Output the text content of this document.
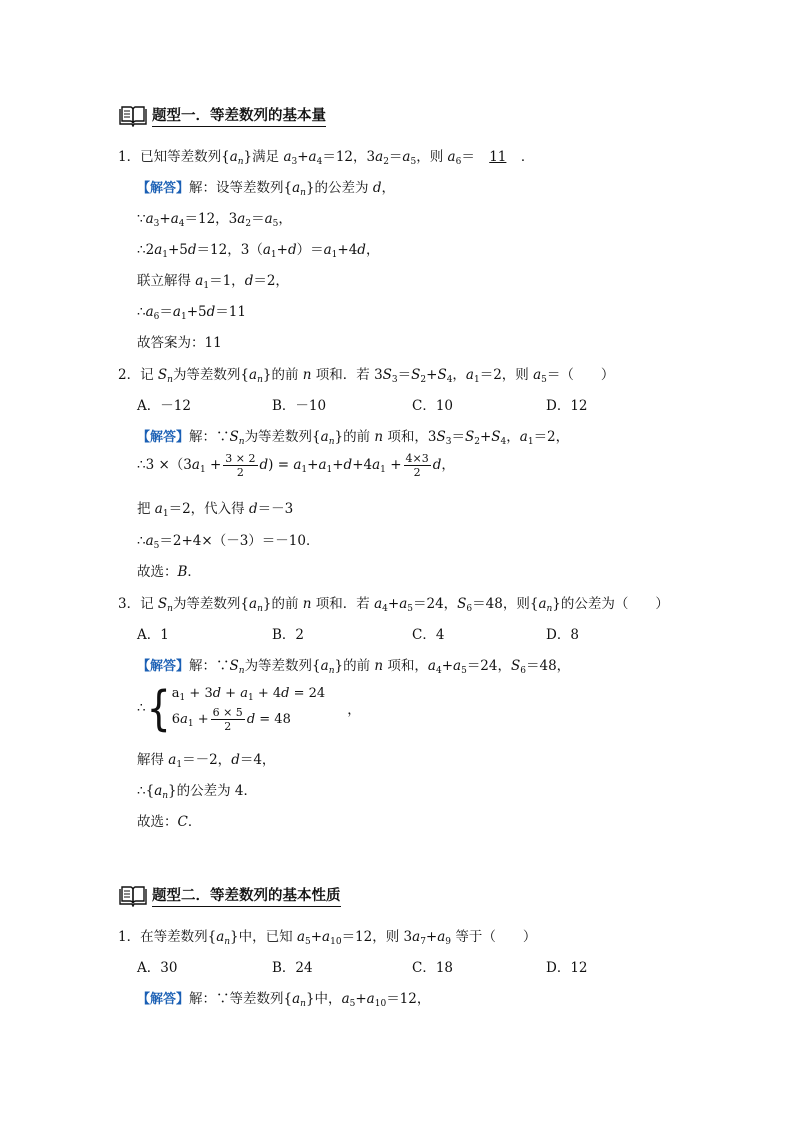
题型一．等差数列的基本量
1．已知等差数列$\{a_n\}$满足 $a_3+a_4=12$，$3a_2=a_5$，则 $a_6= 11$ ．
【解答】解：设等差数列$\{a_n\}$的公差为 d，
$\because a_3+a_4=12$，$3a_2=a_5$，
$\therefore 2a_1+5d=12$，$3(a_1+d)=a_1+4d$，
联立解得 $a_1=1$，d＝2，
$\therefore a_6=a_1+5d=11$
故答案为：11
2．记 $S_n$为等差数列$\{a_n\}$的前 n 项和．若 $3S_3=S_2+S_4$，$a_1=2$，则 $a_5=$（　　）
A．－12	B．－10	C．10	D．12
【解答】解：$\because S_n$为等差数列$\{a_n\}$的前 n 项和，$3S_3=S_2+S_4$，$a_1=2$，
∴3 $\times(3a_1 + \frac{3 \times 2}{2} d) = a_1+a_1+d+4a_1 + \frac{4\times 3}{2}$ d，
把 $a_1=2$，代入得 d＝－3
$\therefore a_5=2+4\times(-3)=-10$．
故选：B．
3．记 $S_n$为等差数列$\{a_n\}$的前 n 项和．若 $a_4+a_5=24$，$S_6=48$，则$\{a_n\}$的公差为（　　）
A．1	B．2	C．4	D．8
【解答】解：$\because S_n$为等差数列$\{a_n\}$的前 n 项和，$a_4+a_5=24$，$S_6=48$，
∴ { $a_1 + 3d + a_1 + 4d = 24$
$6a_1 + \frac{6 \times 5}{2}$ d = 48
，
解得 $a_1=-2$，d＝4，
$\therefore\{a_n\}$的公差为 4．
故选：C．
题型二．等差数列的基本性质
1．在等差数列$\{a_n\}$中，已知 $a_5+a_{10}=12$，则 $3a_7+a_9$ 等于（　　）
A．30	B．24	C．18	D．12
【解答】解：∵等差数列$\{a_n\}$中，$a_5+a_{10}=12$，
